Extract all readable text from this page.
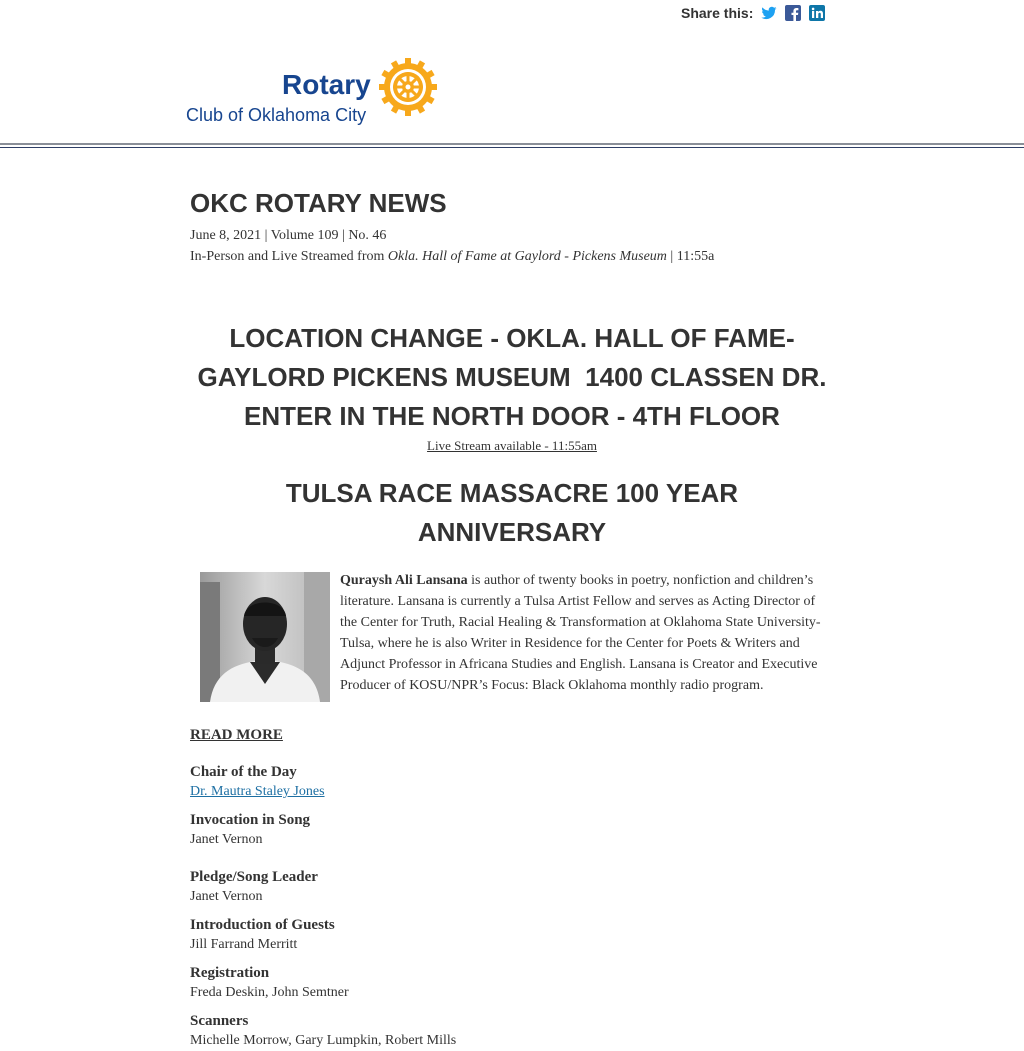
Share this:
Rotary
Club of Oklahoma City
OKC ROTARY NEWS
June 8, 2021 | Volume 109 | No. 46
In-Person and Live Streamed from Okla. Hall of Fame at Gaylord - Pickens Museum | 11:55a
LOCATION CHANGE - OKLA. HALL OF FAME-
GAYLORD PICKENS MUSEUM  1400 CLASSEN DR.
ENTER IN THE NORTH DOOR - 4TH FLOOR
Live Stream available - 11:55am
TULSA RACE MASSACRE 100 YEAR
ANNIVERSARY
Quraysh Ali Lansana is author of twenty books in poetry, nonfiction and children’s literature. Lansana is currently a Tulsa Artist Fellow and serves as Acting Director of the Center for Truth, Racial Healing & Transformation at Oklahoma State University-Tulsa, where he is also Writer in Residence for the Center for Poets & Writers and Adjunct Professor in Africana Studies and English. Lansana is Creator and Executive Producer of KOSU/NPR’s Focus: Black Oklahoma monthly radio program.
READ MORE
Chair of the Day
Dr. Mautra Staley Jones
Invocation in Song
Janet Vernon
Pledge/Song Leader
Janet Vernon
Introduction of Guests
Jill Farrand Merritt
Registration
Freda Deskin, John Semtner
Scanners
Michelle Morrow, Gary Lumpkin, Robert Mills
